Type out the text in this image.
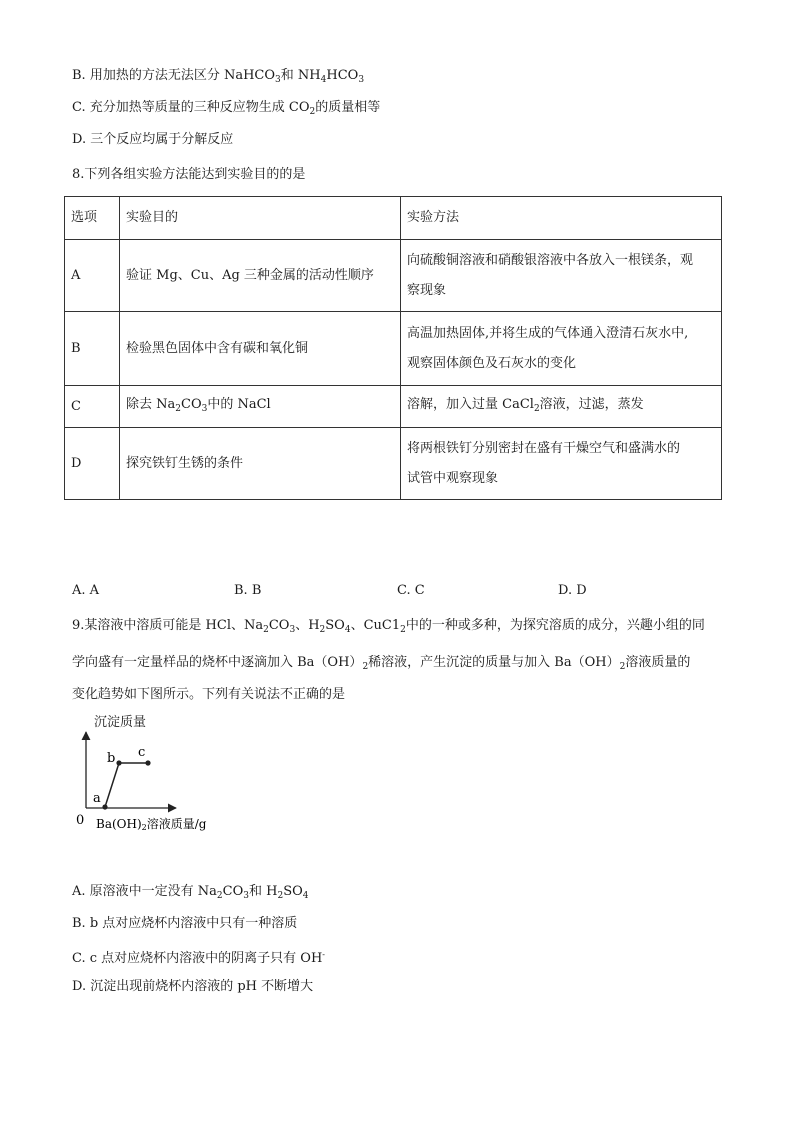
B. 用加热的方法无法区分 NaHCO$_3$和 $NH_4HCO_3$
C. 充分加热等质量的三种反应物生成 $CO_2$的质量相等
D. 三个反应均属于分解反应
8.下列各组实验方法能达到实验目的的是
选项	实验目的	实验方法
A	验证 Mg、Cu、Ag 三种金属的活动性顺序	向硫酸铜溶液和硝酸银溶液中各放入一根镁条，观
察现象

B	检验黑色固体中含有碳和氧化铜	高温加热固体,并将生成的气体通入澄清石灰水中,
观察固体颜色及石灰水的变化

C	除去 $Na_2CO_3$中的 NaCl	溶解，加入过量 CaCl$_2$溶液，过滤，蒸发
D	探究铁钉生锈的条件	将两根铁钉分别密封在盛有干燥空气和盛满水的
试管中观察现象
A. A	B. B	C. C	D. D
9.某溶液中溶质可能是 HCl、$Na_2CO_3$、$H_2SO_4$、$CuC1_2$中的一种或多种，为探究溶质的成分，兴趣小组的同
学向盛有一定量样品的烧杯中逐滴加入 $Ba(OH)_2$稀溶液，产生沉淀的质量与加入 $Ba(OH)_2$溶液质量的
变化趋势如下图所示。下列有关说法不正确的是
沉淀质量
a
b c
0 Ba(OH)2溶液质量/g
A. 原溶液中一定没有 $Na_2CO_3$和 $H_2SO_4$
B. b 点对应烧杯内溶液中只有一种溶质
C. c 点对应烧杯内溶液中的阴离子只有 OH-
D. 沉淀出现前烧杯内溶液的 pH 不断增大
